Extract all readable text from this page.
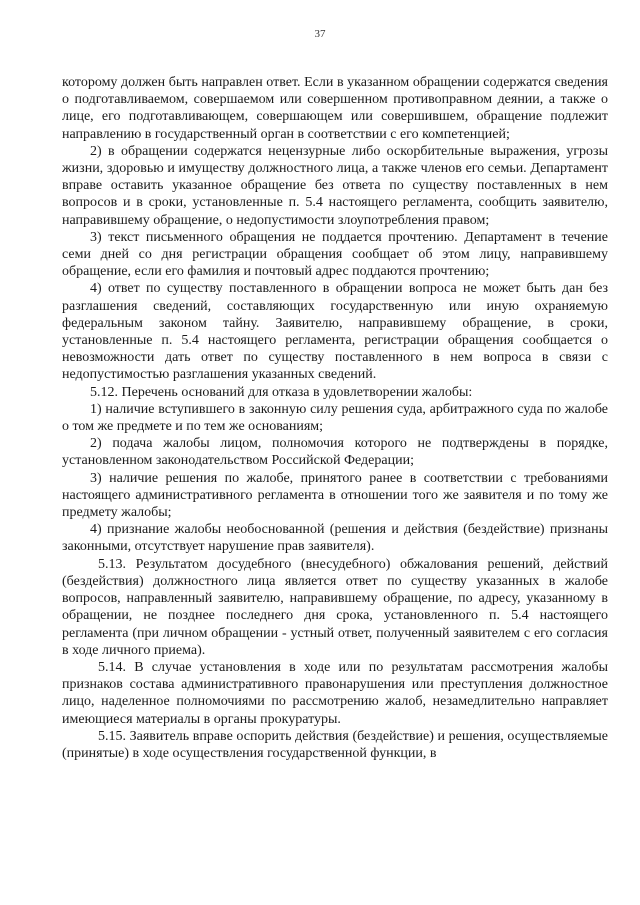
37

которому должен быть направлен ответ. Если в указанном обращении содержатся сведения о подготавливаемом, совершаемом или совершенном противоправном деянии, а также о лице, его подготавливающем, совершающем или совершившем, обращение подлежит направлению в государственный орган в соответствии с его компетенцией;

2) в обращении содержатся нецензурные либо оскорбительные выражения, угрозы жизни, здоровью и имуществу должностного лица, а также членов его семьи. Департамент вправе оставить указанное обращение без ответа по существу поставленных в нем вопросов и в сроки, установленные п. 5.4 настоящего регламента, сообщить заявителю, направившему обращение, о недопустимости злоупотребления правом;

3) текст письменного обращения не поддается прочтению. Департамент в течение семи дней со дня регистрации обращения сообщает об этом лицу, направившему обращение, если его фамилия и почтовый адрес поддаются прочтению;

4) ответ по существу поставленного в обращении вопроса не может быть дан без разглашения сведений, составляющих государственную или иную охраняемую федеральным законом тайну. Заявителю, направившему обращение, в сроки, установленные п. 5.4 настоящего регламента, регистрации обращения сообщается о невозможности дать ответ по существу поставленного в нем вопроса в связи с недопустимостью разглашения указанных сведений.

5.12. Перечень оснований для отказа в удовлетворении жалобы:

1) наличие вступившего в законную силу решения суда, арбитражного суда по жалобе о том же предмете и по тем же основаниям;

2) подача жалобы лицом, полномочия которого не подтверждены в порядке, установленном законодательством Российской Федерации;

3) наличие решения по жалобе, принятого ранее в соответствии с требованиями настоящего административного регламента в отношении того же заявителя и по тому же предмету жалобы;

4) признание жалобы необоснованной (решения и действия (бездействие) признаны законными, отсутствует нарушение прав заявителя).

5.13. Результатом досудебного (внесудебного) обжалования решений, действий (бездействия) должностного лица является ответ по существу указанных в жалобе вопросов, направленный заявителю, направившему обращение, по адресу, указанному в обращении, не позднее последнего дня срока, установленного п. 5.4 настоящего регламента (при личном обращении - устный ответ, полученный заявителем с его согласия в ходе личного приема).

5.14. В случае установления в ходе или по результатам рассмотрения жалобы признаков состава административного правонарушения или преступления должностное лицо, наделенное полномочиями по рассмотрению жалоб, незамедлительно направляет имеющиеся материалы в органы прокуратуры.

5.15. Заявитель вправе оспорить действия (бездействие) и решения, осуществляемые (принятые) в ходе осуществления государственной функции, в
